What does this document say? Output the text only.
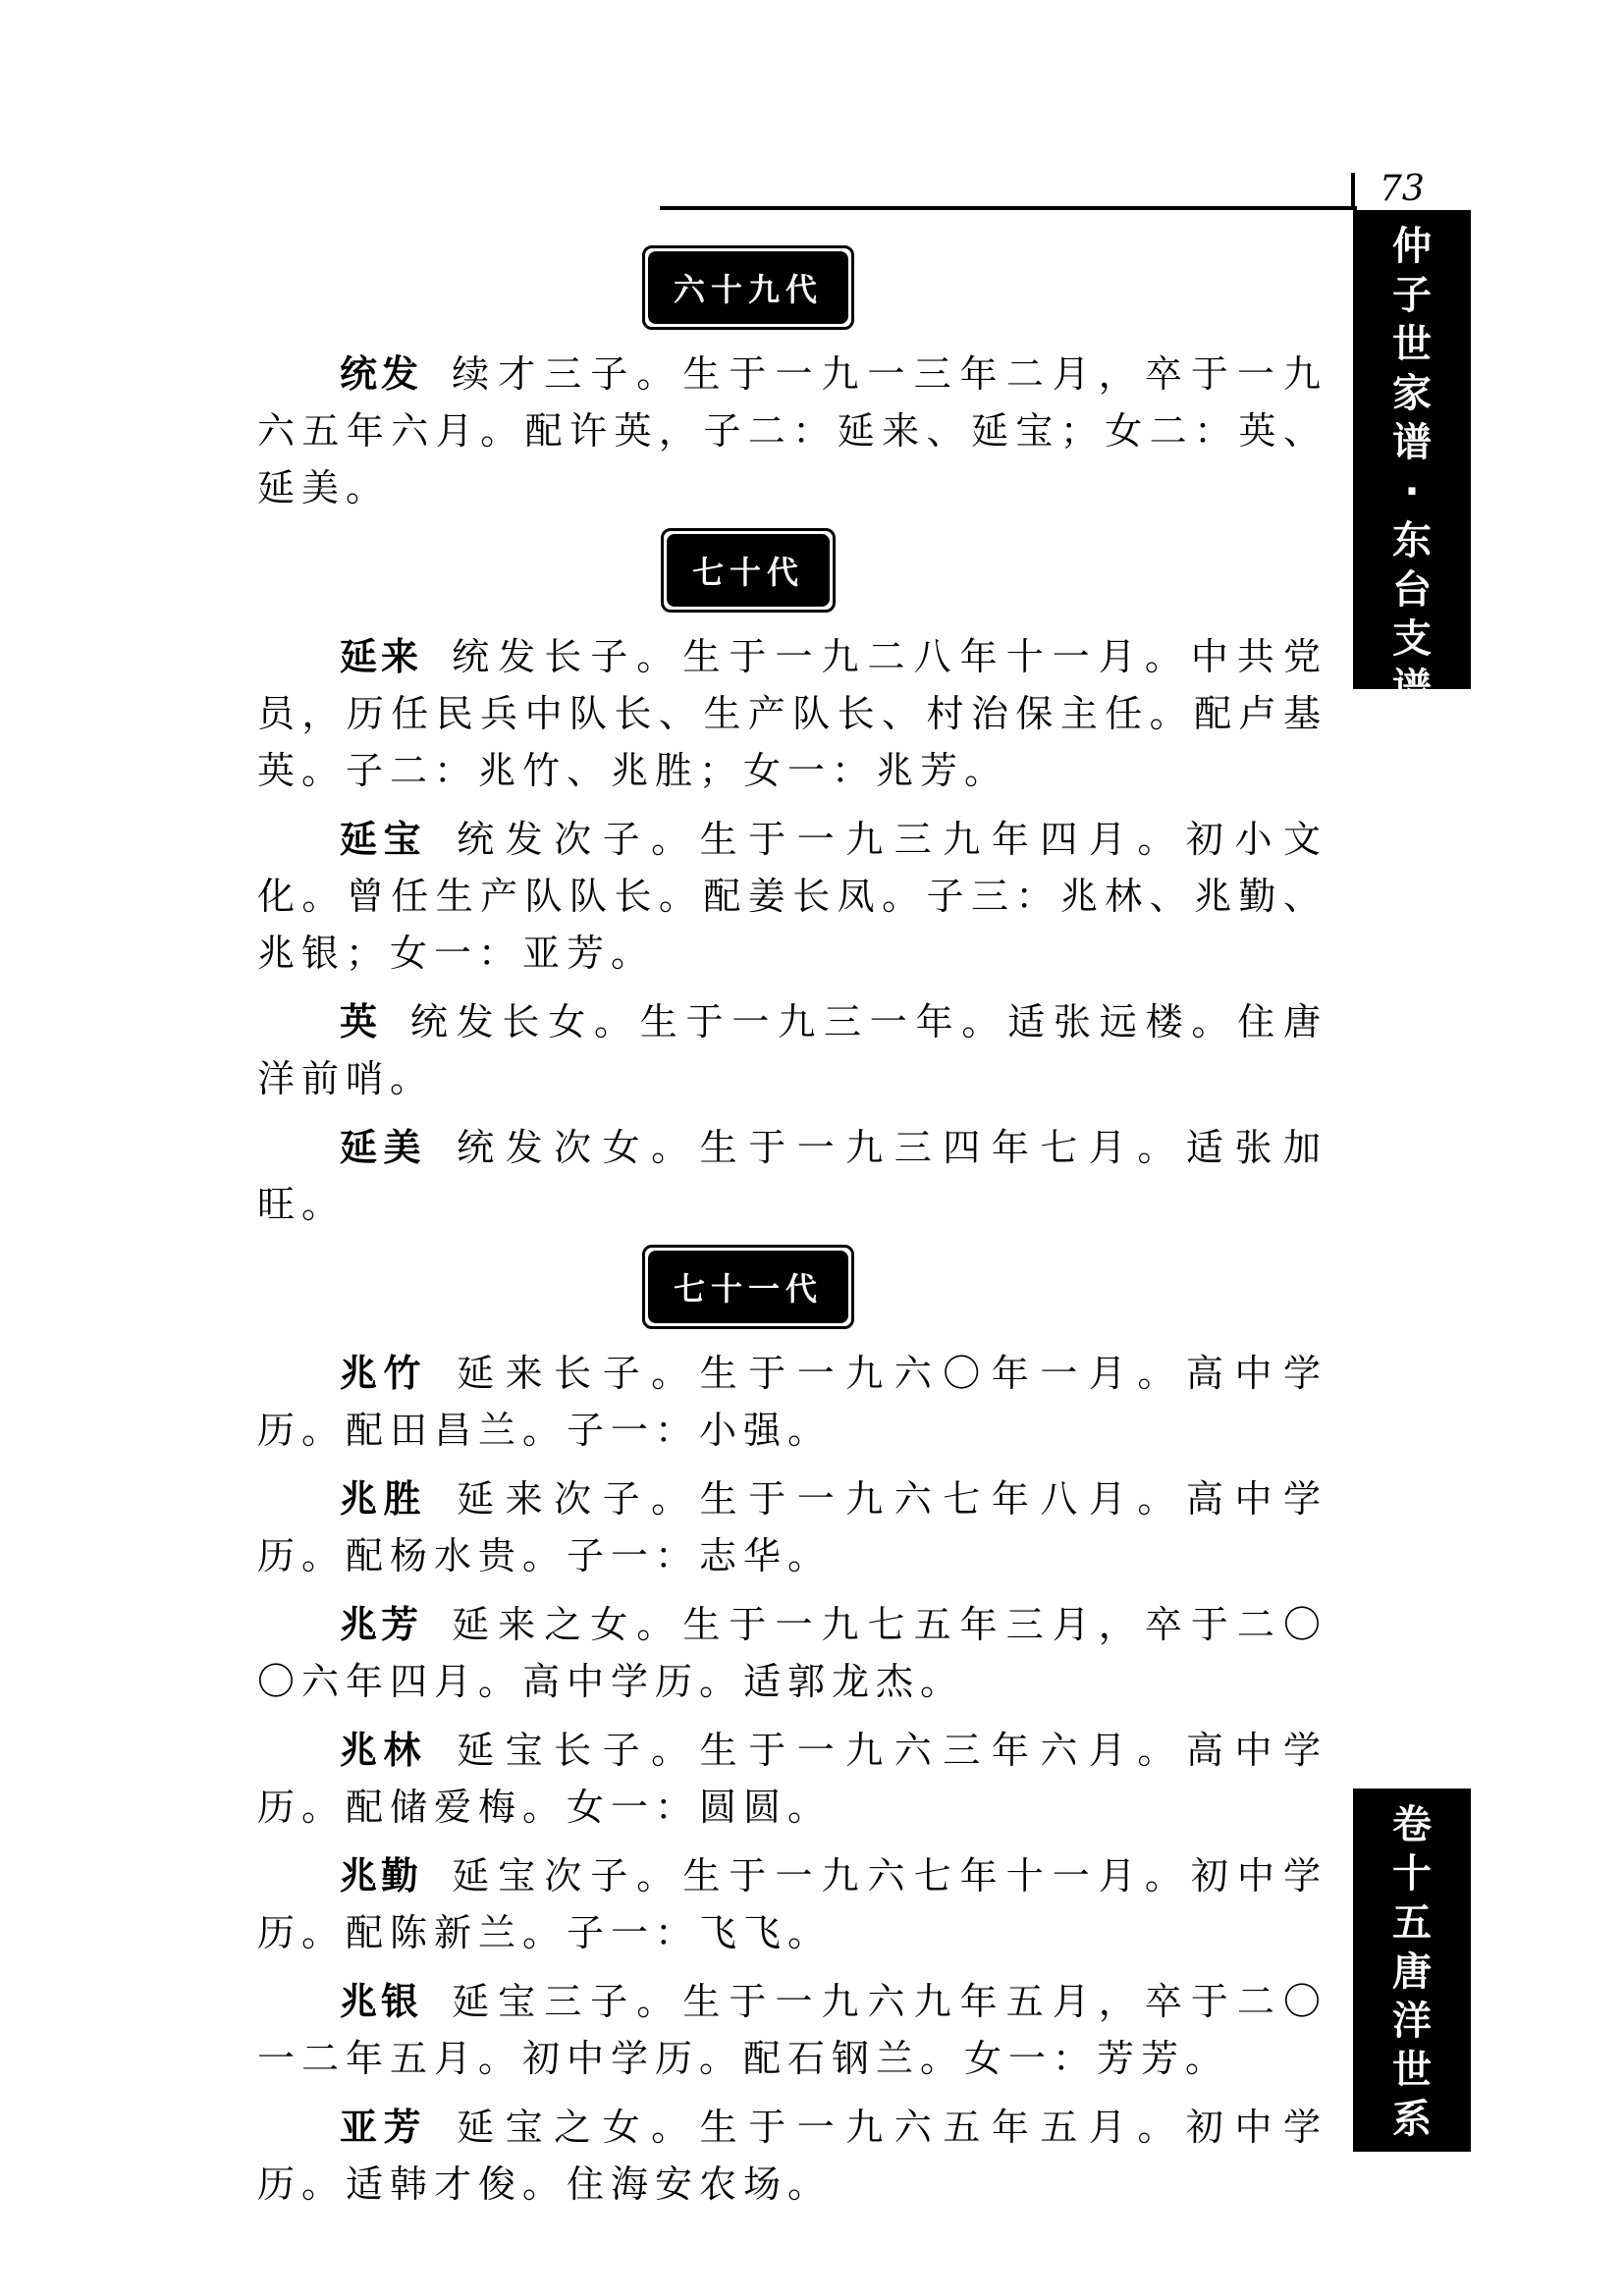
73
仲
子
世
家
谱
·
东
台
支
谱
卷
十
五
唐
洋
世
系
六十九代

统发 续才三子。生于一九一三年二月，卒于一九六五年六月。配许英，子二：延来、延宝；女二：英、延美。

七十代

延来 统发长子。生于一九二八年十一月。中共党员，历任民兵中队长、生产队长、村治保主任。配卢基英。子二：兆竹、兆胜；女一：兆芳。

延宝 统发次子。生于一九三九年四月。初小文化。曾任生产队队长。配姜长凤。子三：兆林、兆勤、兆银；女一：亚芳。

英 统发长女。生于一九三一年。适张远楼。住唐洋前哨。

延美 统发次女。生于一九三四年七月。适张加旺。

七十一代

兆竹 延来长子。生于一九六〇年一月。高中学历。配田昌兰。子一：小强。

兆胜 延来次子。生于一九六七年八月。高中学历。配杨水贵。子一：志华。

兆芳 延来之女。生于一九七五年三月，卒于二〇〇六年四月。高中学历。适郭龙杰。

兆林 延宝长子。生于一九六三年六月。高中学历。配储爱梅。女一：圆圆。

兆勤 延宝次子。生于一九六七年十一月。初中学历。配陈新兰。子一：飞飞。

兆银 延宝三子。生于一九六九年五月，卒于二〇一二年五月。初中学历。配石钢兰。女一：芳芳。

亚芳 延宝之女。生于一九六五年五月。初中学历。适韩才俊。住海安农场。
